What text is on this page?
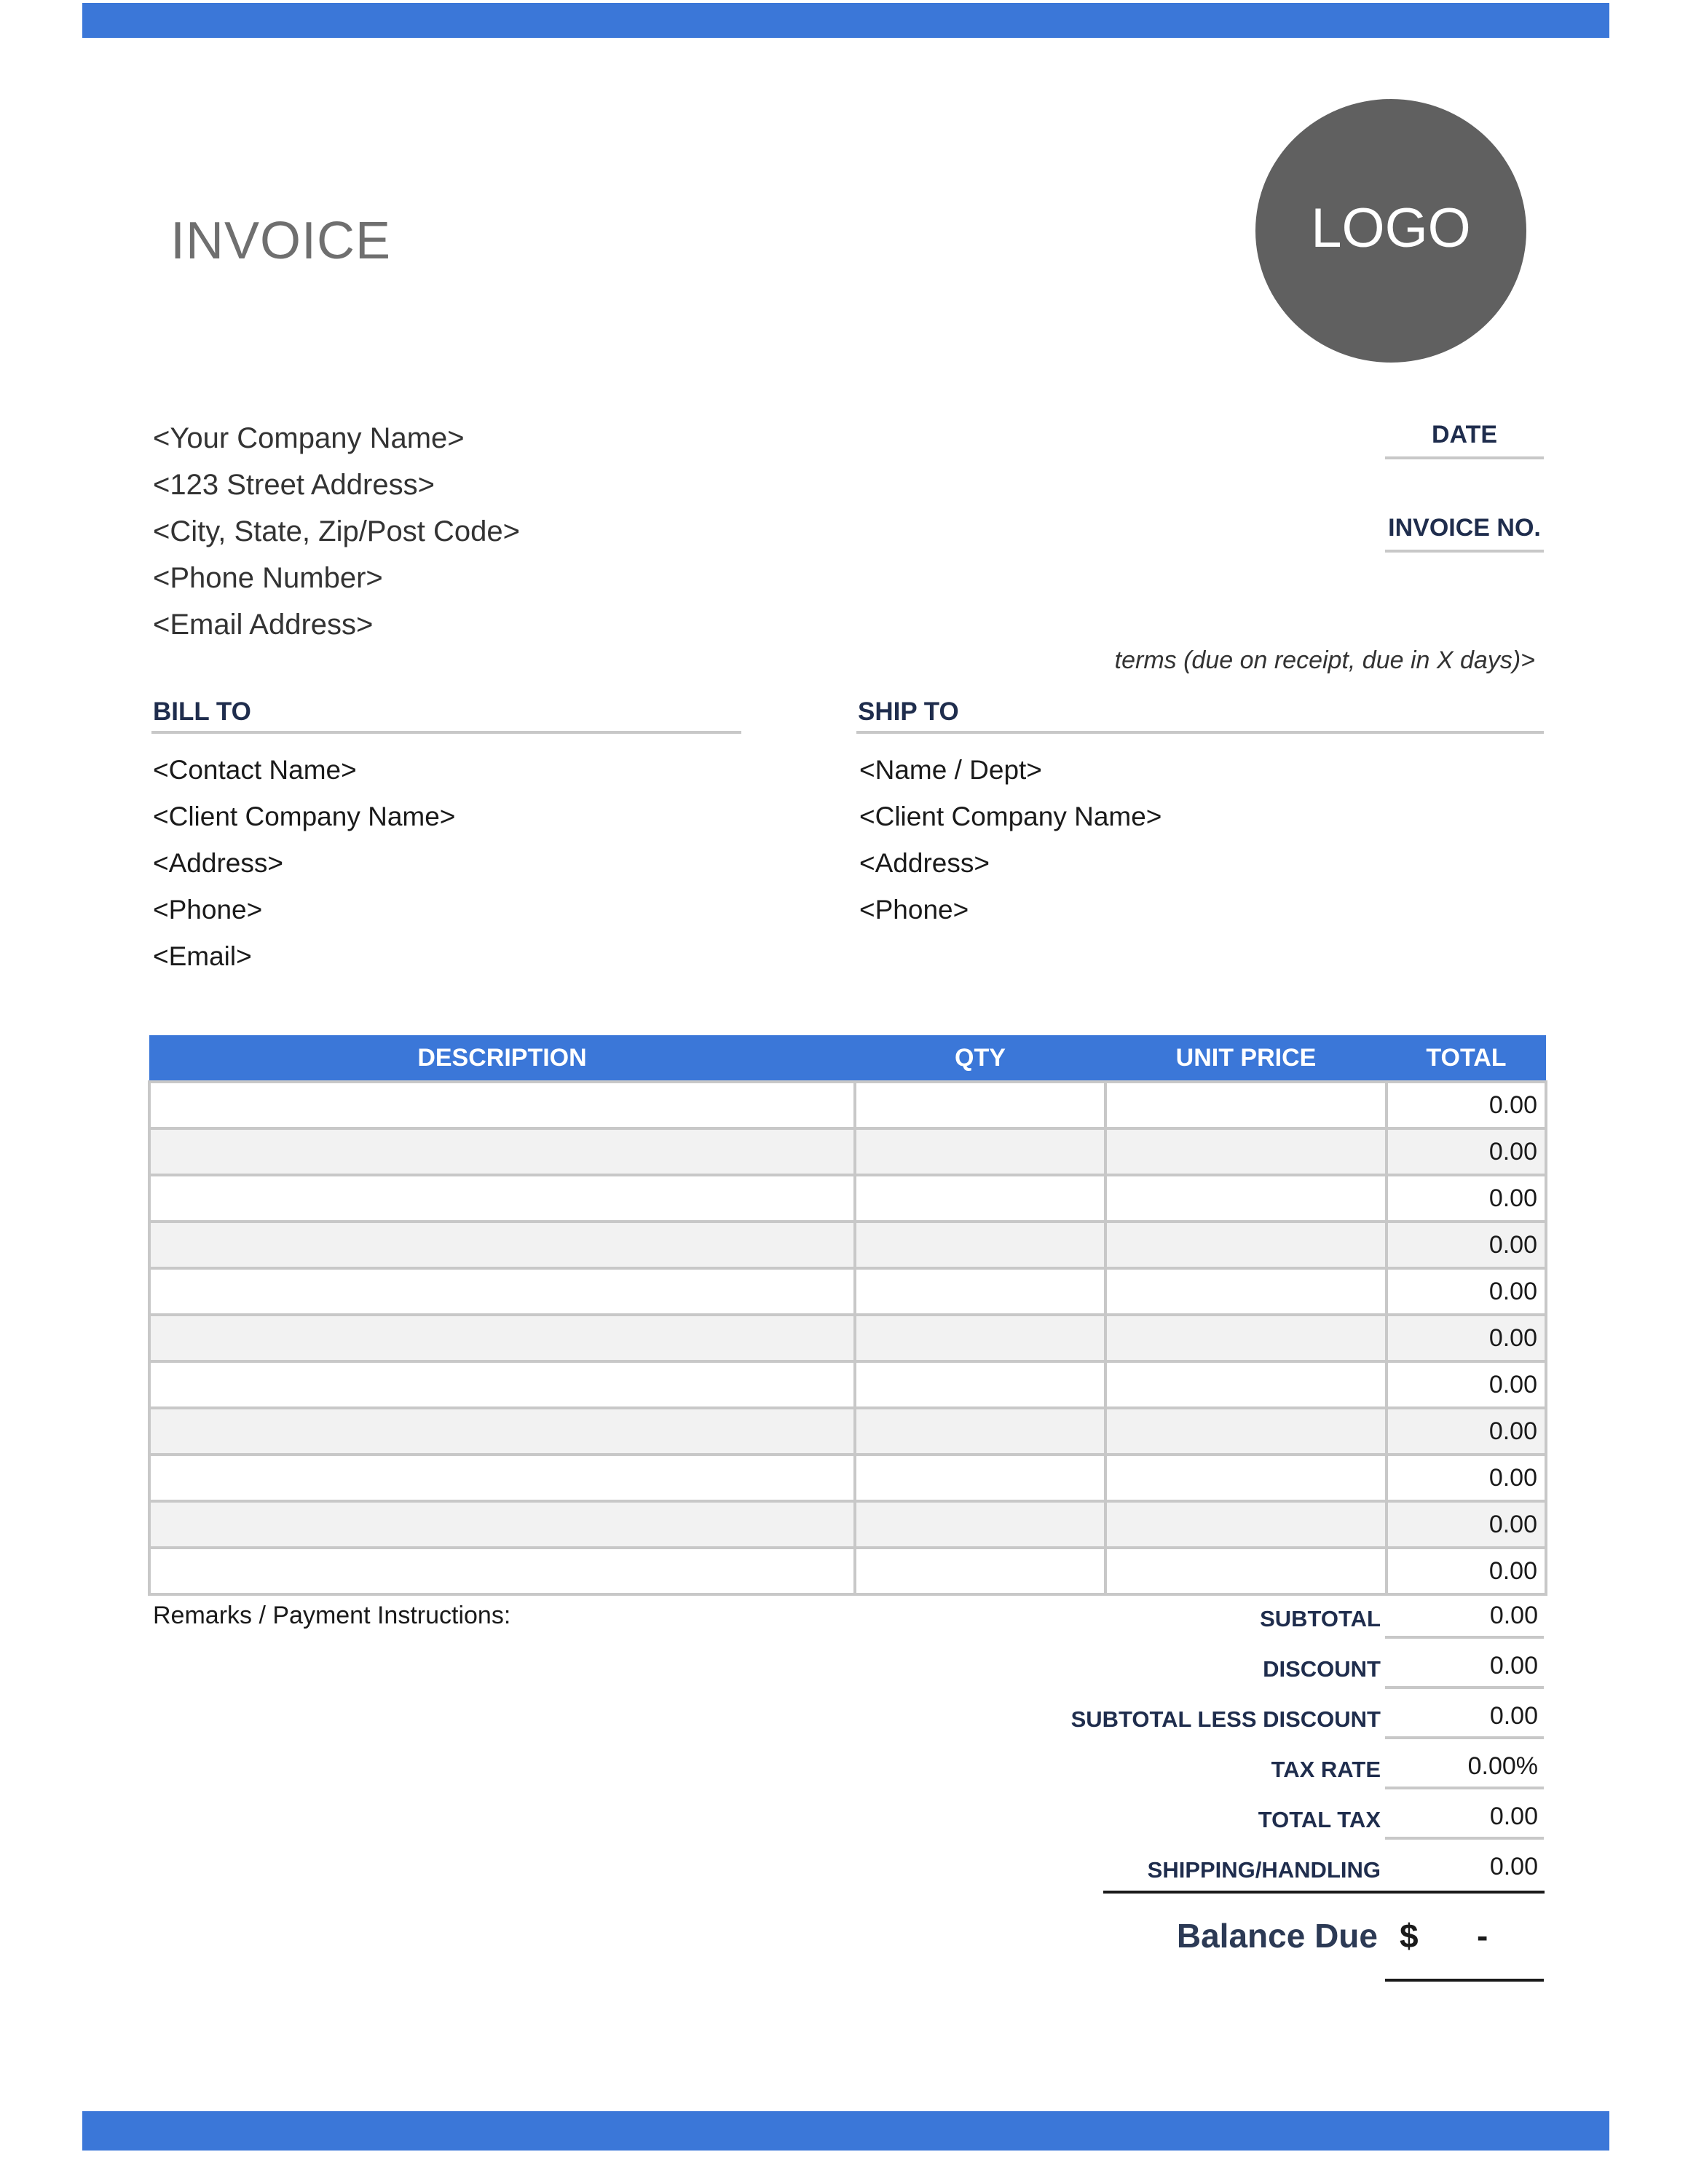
INVOICE	LOGO
<Your Company Name>
<123 Street Address>
<City, State, Zip/Post Code>
<Phone Number>
<Email Address>
DATE
INVOICE NO.
terms (due on receipt, due in X days)>
BILL TO
<Contact Name>
<Client Company Name>
<Address>
<Phone>
<Email>
SHIP TO
<Name / Dept>
<Client Company Name>
<Address>
<Phone>
DESCRIPTION	QTY	UNIT PRICE	TOTAL
			0.00
			0.00
			0.00
			0.00
			0.00
			0.00
			0.00
			0.00
			0.00
			0.00
			0.00
Remarks / Payment Instructions:	SUBTOTAL	0.00
DISCOUNT	0.00
SUBTOTAL LESS DISCOUNT	0.00
TAX RATE	0.00%
TOTAL TAX	0.00
SHIPPING/HANDLING	0.00
Balance Due $ -
